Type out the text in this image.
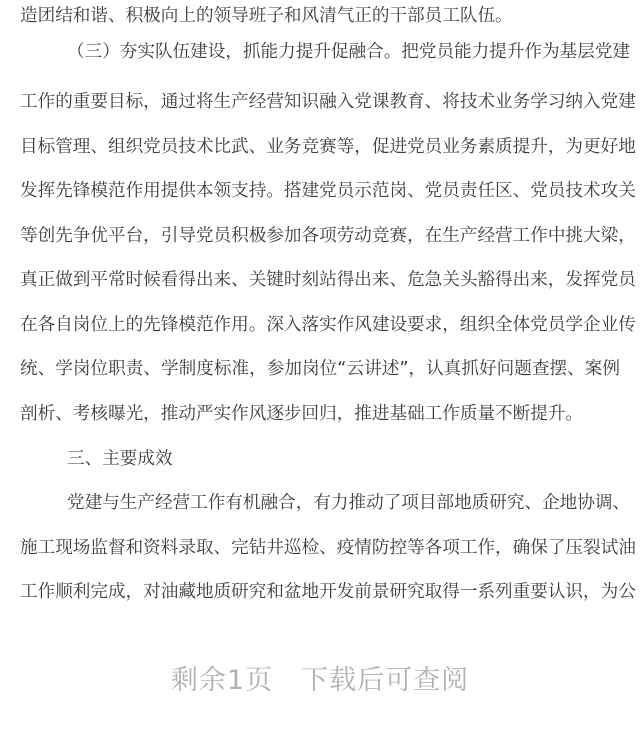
造团结和谐、积极向上的领导班子和风清气正的干部员工队伍。
（三）夯实队伍建设，抓能力提升促融合。把党员能力提升作为基层党建
工作的重要目标，通过将生产经营知识融入党课教育、将技术业务学习纳入党建
目标管理、组织党员技术比武、业务竞赛等，促进党员业务素质提升，为更好地
发挥先锋模范作用提供本领支持。搭建党员示范岗、党员责任区、党员技术攻关
等创先争优平台，引导党员积极参加各项劳动竞赛，在生产经营工作中挑大梁，
真正做到平常时候看得出来、关键时刻站得出来、危急关头豁得出来，发挥党员
在各自岗位上的先锋模范作用。深入落实作风建设要求，组织全体党员学企业传
统、学岗位职责、学制度标准，参加岗位“云讲述”，认真抓好问题查摆、案例
剖析、考核曝光，推动严实作风逐步回归，推进基础工作质量不断提升。
三、主要成效
党建与生产经营工作有机融合，有力推动了项目部地质研究、企地协调、
施工现场监督和资料录取、完钻井巡检、疫情防控等各项工作，确保了压裂试油
工作顺利完成，对油藏地质研究和盆地开发前景研究取得一系列重要认识，为公
剩余1页　下载后可查阅
